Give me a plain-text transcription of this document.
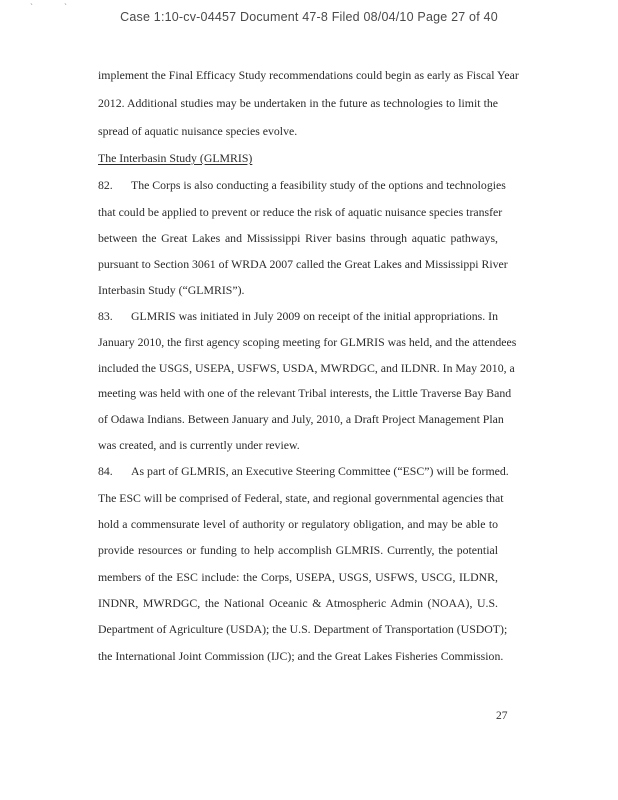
Case 1:10-cv-04457 Document 47-8 Filed 08/04/10 Page 27 of 40
`	`
implement the Final Efficacy Study recommendations could begin as early as Fiscal Year
2012. Additional studies may be undertaken in the future as technologies to limit the
spread of aquatic nuisance species evolve.
The Interbasin Study (GLMRIS)
82.	The Corps is also conducting a feasibility study of the options and technologies
that could be applied to prevent or reduce the risk of aquatic nuisance species transfer
between the Great Lakes and Mississippi River basins through aquatic pathways,
pursuant to Section 3061 of WRDA 2007 called the Great Lakes and Mississippi River
Interbasin Study (“GLMRIS”).
83.	GLMRIS was initiated in July 2009 on receipt of the initial appropriations. In
January 2010, the first agency scoping meeting for GLMRIS was held, and the attendees
included the USGS, USEPA, USFWS, USDA, MWRDGC, and ILDNR. In May 2010, a
meeting was held with one of the relevant Tribal interests, the Little Traverse Bay Band
of Odawa Indians. Between January and July, 2010, a Draft Project Management Plan
was created, and is currently under review.
84.	As part of GLMRIS, an Executive Steering Committee (“ESC”) will be formed.
The ESC will be comprised of Federal, state, and regional governmental agencies that
hold a commensurate level of authority or regulatory obligation, and may be able to
provide resources or funding to help accomplish GLMRIS. Currently, the potential
members of the ESC include: the Corps, USEPA, USGS, USFWS, USCG, ILDNR,
INDNR, MWRDGC, the National Oceanic & Atmospheric Admin (NOAA), U.S.
Department of Agriculture (USDA); the U.S. Department of Transportation (USDOT);
the International Joint Commission (IJC); and the Great Lakes Fisheries Commission.
27
